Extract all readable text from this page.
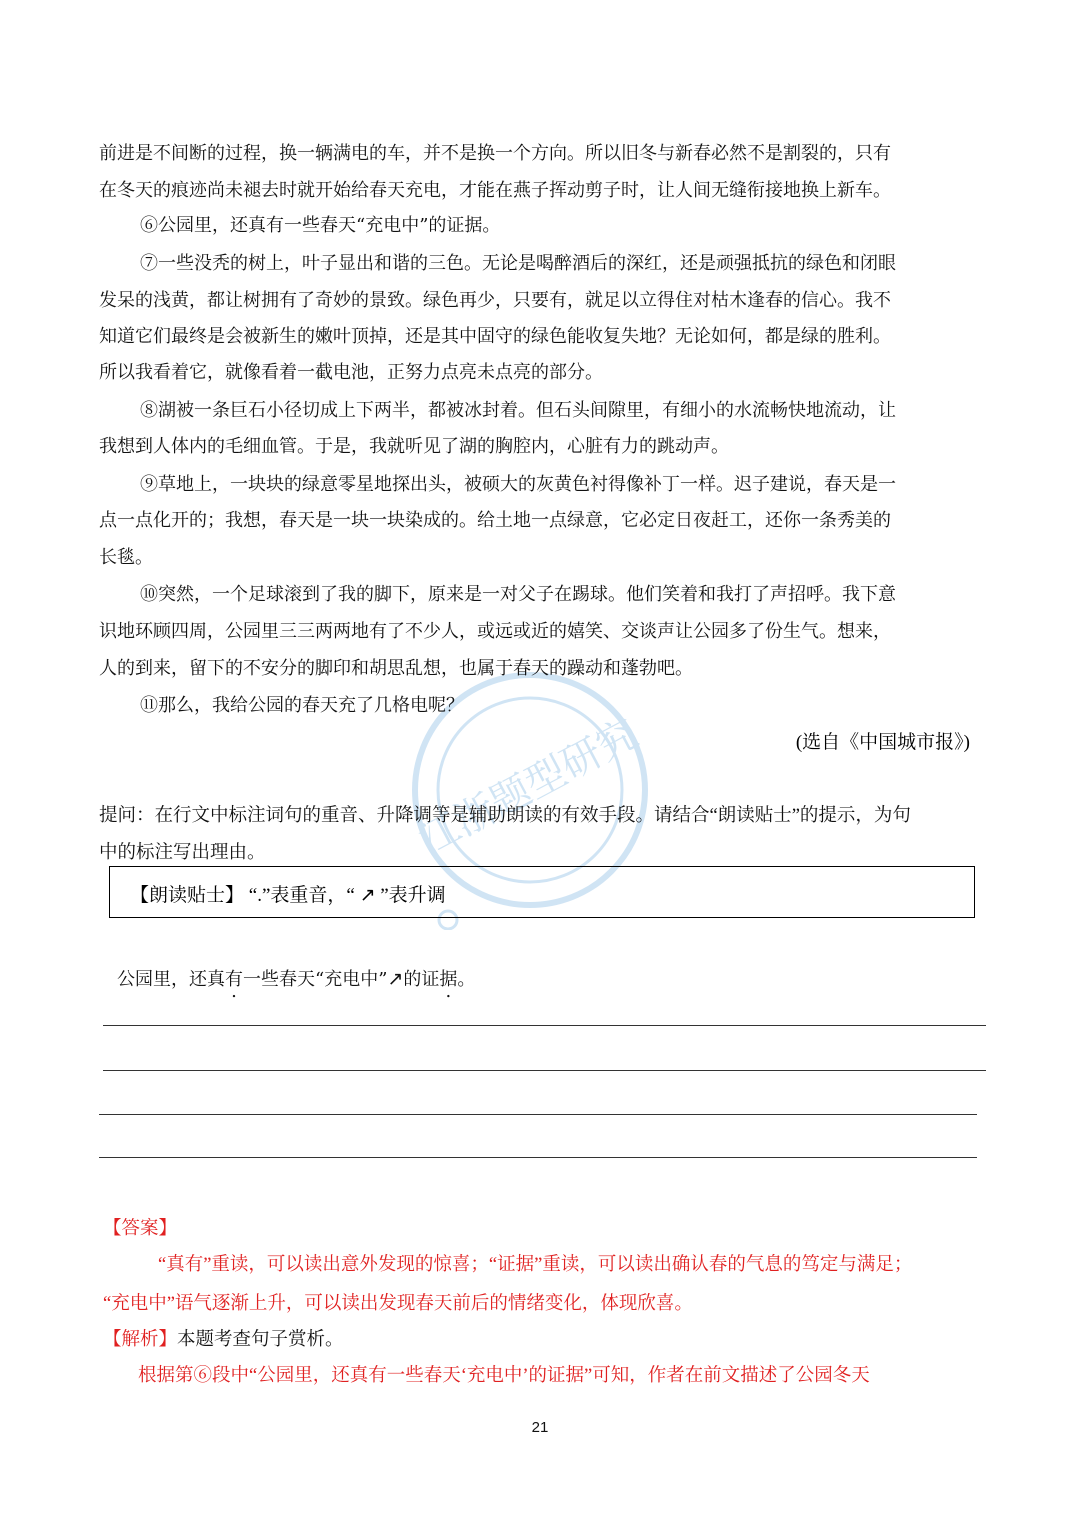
江浙题型研究

前进是不间断的过程，换一辆满电的车，并不是换一个方向。所以旧冬与新春必然不是割裂的，只有

在冬天的痕迹尚未褪去时就开始给春天充电，才能在燕子挥动剪子时，让人间无缝衔接地换上新车。

⑥公园里，还真有一些春天“充电中”的证据。

⑦一些没秃的树上，叶子显出和谐的三色。无论是喝醉酒后的深红，还是顽强抵抗的绿色和闭眼

发呆的浅黄，都让树拥有了奇妙的景致。绿色再少，只要有，就足以立得住对枯木逢春的信心。我不

知道它们最终是会被新生的嫩叶顶掉，还是其中固守的绿色能收复失地？无论如何，都是绿的胜利。

所以我看着它，就像看着一截电池，正努力点亮未点亮的部分。

⑧湖被一条巨石小径切成上下两半，都被冰封着。但石头间隙里，有细小的水流畅快地流动，让

我想到人体内的毛细血管。于是，我就听见了湖的胸腔内，心脏有力的跳动声。

⑨草地上，一块块的绿意零星地探出头，被硕大的灰黄色衬得像补丁一样。迟子建说，春天是一

点一点化开的；我想，春天是一块一块染成的。给土地一点绿意，它必定日夜赶工，还你一条秀美的

长毯。

⑩突然，一个足球滚到了我的脚下，原来是一对父子在踢球。他们笑着和我打了声招呼。我下意

识地环顾四周，公园里三三两两地有了不少人，或远或近的嬉笑、交谈声让公园多了份生气。想来，

人的到来，留下的不安分的脚印和胡思乱想，也属于春天的躁动和蓬勃吧。

⑪那么，我给公园的春天充了几格电呢？

(选自《中国城市报》)

提问：在行文中标注词句的重音、升降调等是辅助朗读的有效手段。请结合“朗读贴士”的提示，为句

中的标注写出理由。

【朗读贴士】 “.”表重音，“ ↗ ”表升调

公园里，还真有一些春天“充电中”↗的证据。

【答案】

“真有”重读，可以读出意外发现的惊喜；“证据”重读，可以读出确认春的气息的笃定与满足；

“充电中”语气逐渐上升，可以读出发现春天前后的情绪变化，体现欣喜。

【解析】本题考查句子赏析。

根据第⑥段中“公园里，还真有一些春天‘充电中’的证据”可知，作者在前文描述了公园冬天

21
